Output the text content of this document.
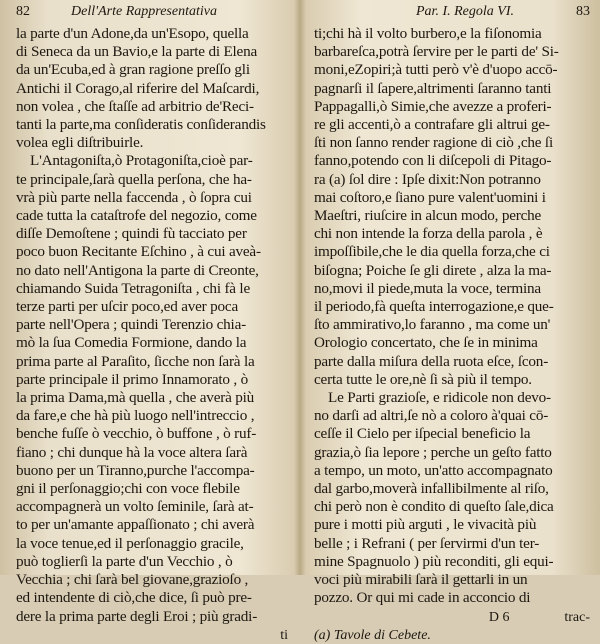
82	Dell'Arte Rappresentativa
la parte d'un Adone,da un'Esopo, quella
di Seneca da un Bavio,e la parte di Elena
da un'Ecuba,ed à gran ragione preſſo gli
Antichi il Corago,al riferire del Maſcardi,
non volea , che ſtaſſe ad arbitrio de'Reci-
tanti la parte,ma conſideratis conſiderandis
volea egli diſtribuirle.
L'Antagoniſta,ò Protagoniſta,cioè par-
te principale,ſarà quella perſona, che ha-
vrà più parte nella faccenda , ò ſopra cui
cade tutta la cataſtrofe del negozio, come
diſſe Demoſtene ; quindi fù tacciato per
poco buon Recitante Eſchino , à cui aveà-
no dato nell'Antigona la parte di Creonte,
chiamando Suida Tetragoniſta , chi fà le
terze parti per uſcir poco,ed aver poca
parte nell'Opera ; quindi Terenzio chia-
mò la ſua Comedia Formione, dando la
prima parte al Paraſito, ſicche non ſarà la
parte principale il primo Innamorato , ò
la prima Dama,mà quella , che averà più
da fare,e che hà più luogo nell'intreccio ,
benche fuſſe ò vecchio, ò buffone , ò ruf-
fiano ; chi dunque hà la voce altera ſarà
buono per un Tiranno,purche l'accompa-
gni il perſonaggio;chi con voce flebile
accompagnerà un volto ſeminile, ſarà at-
to per un'amante appaſſionato ; chi averà
la voce tenue,ed il perſonaggio gracile,
può toglierſi la parte d'un Vecchio , ò
Vecchia ; chi ſarà bel giovane,grazioſo ,
ed intendente di ciò,che dice, ſi può pre-
dere la prima parte degli Eroi ; più gradi-
ti
Par. I. Regola VI.	83
ti;chi hà il volto burbero,e la fiſonomia
barbareſca,potrà ſervire per le parti de' Si-
moni,eZopiri;à tutti però v'è d'uopo accō-
pagnarſi il ſapere,altrimenti ſaranno tanti
Pappagalli,ò Simie,che avezze a proferi-
re gli accenti,ò a contrafare gli altrui ge-
ſti non ſanno render ragione di ciò ,che ſi
fanno,potendo con li diſcepoli di Pitago-
ra (a) ſol dire : Ipſe dixit:Non potranno
mai coſtoro,e ſiano pure valent'uomini i
Maeſtri, riuſcire in alcun modo, perche
chi non intende la forza della parola , è
impoſſibile,che le dia quella forza,che ci
biſogna; Poiche ſe gli direte , alza la ma-
no,movi il piede,muta la voce, termina
il periodo,fà queſta interrogazione,e que-
ſto ammirativo,lo faranno , ma come un'
Orologio concertato, che ſe in minima
parte dalla miſura della ruota eſce, ſcon-
certa tutte le ore,nè ſi sà più il tempo.
Le Parti grazioſe, e ridicole non devo-
no darſi ad altri,ſe nò a coloro à'quai cō-
ceſſe il Cielo per iſpecial beneficio la
grazia,ò ſia lepore ; perche un geſto fatto
a tempo, un moto, un'atto accompagnato
dal garbo,moverà infallibilmente al riſo,
chi però non è condito di queſto ſale,dica
pure i motti più arguti , le vivacità più
belle ; i Refrani ( per ſervirmi d'un ter-
mine Spagnuolo ) più reconditi, gli equi-
voci più mirabili ſarà il gettarli in un
pozzo. Or qui mi cade in acconcio di
D 6	trac-
(a) Tavole di Cebete.
